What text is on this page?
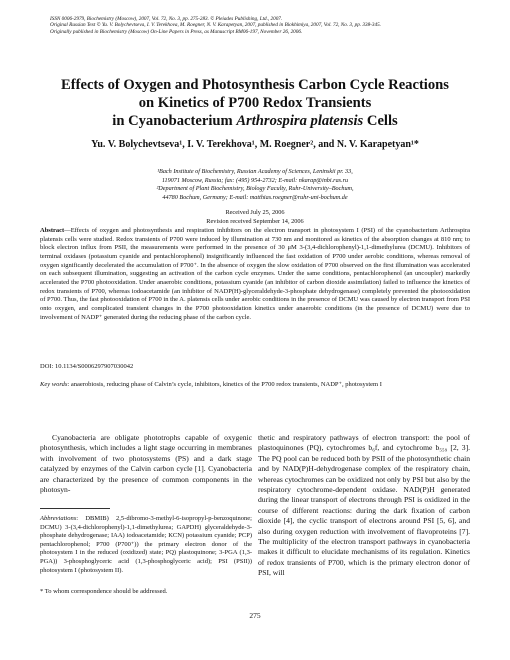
ISSN 0006-2979, Biochemistry (Moscow), 2007, Vol. 72, No. 3, pp. 275-283. © Pleiades Publishing, Ltd., 2007.
Original Russian Text © Yu. V. Bolychevtseva, I. V. Terekhova, M. Roegner, N. V. Karapetyan, 2007, published in Biokhimiya, 2007, Vol. 72, No. 3, pp. 338-345.
Originally published in Biochemistry (Moscow) On-Line Papers in Press, as Manuscript BM06-197, November 26, 2006.
Effects of Oxygen and Photosynthesis Carbon Cycle Reactions
on Kinetics of P700 Redox Transients
in Cyanobacterium Arthrospira platensis Cells
Yu. V. Bolychevtseva¹, I. V. Terekhova¹, M. Roegner², and N. V. Karapetyan¹*
¹Bach Institute of Biochemistry, Russian Academy of Sciences, Leninskii pr. 33,
119071 Moscow, Russia; fax: (495) 954-2732; E-mail: nkarap@inbi.ras.ru
²Department of Plant Biochemistry, Biology Faculty, Ruhr-University–Bochum,
44780 Bochum, Germany; E-mail: matthias.roegner@ruhr-uni-bochum.de
Received July 25, 2006
Revision received September 14, 2006
Abstract—Effects of oxygen and photosynthesis and respiration inhibitors on the electron transport in photosystem I (PSI) of the cyanobacterium Arthrospira platensis cells were studied. Redox transients of P700 were induced by illumination at 730 nm and monitored as kinetics of the absorption changes at 810 nm; to block electron influx from PSII, the measurements were performed in the presence of 30 μM 3-(3,4-dichlorophenyl)-1,1-dimethylurea (DCMU). Inhibitors of terminal oxidases (potassium cyanide and pentachlorophenol) insignificantly influenced the fast oxidation of P700 under aerobic conditions, whereas removal of oxygen significantly decelerated the accumulation of P700⁺. In the absence of oxygen the slow oxidation of P700 observed on the first illumination was accelerated on each subsequent illumination, suggesting an activation of the carbon cycle enzymes. Under the same conditions, pentachlorophenol (an uncoupler) markedly accelerated the P700 photooxidation. Under anaerobic conditions, potassium cyanide (an inhibitor of carbon dioxide assimilation) failed to influence the kinetics of redox transients of P700, whereas iodoacetamide (an inhibitor of NADP(H)-glyceraldehyde-3-phosphate dehydrogenase) completely prevented the photooxidation of P700. Thus, the fast photooxidation of P700 in the A. platensis cells under aerobic conditions in the presence of DCMU was caused by electron transport from PSI onto oxygen, and complicated transient changes in the P700 photooxidation kinetics under anaerobic conditions (in the presence of DCMU) were due to involvement of NADP⁺ generated during the reducing phase of the carbon cycle.
DOI: 10.1134/S0006297907030042
Key words: anaerobiosis, reducing phase of Calvin’s cycle, inhibitors, kinetics of the P700 redox transients, NADP⁺, photosystem I

Cyanobacteria are obligate phototrophs capable of oxygenic photosynthesis, which includes a light stage occurring in membranes with involvement of two photosystems (PS) and a dark stage catalyzed by enzymes of the Calvin carbon cycle [1]. Cyanobacteria are characterized by the presence of common components in the photosyn-

thetic and respiratory pathways of electron transport: the pool of plastoquinones (PQ), cytochromes b₆f, and cytochrome b₅₅₉ [2, 3]. The PQ pool can be reduced both by PSII of the photosynthetic chain and by NAD(P)H-dehydrogenase complex of the respiratory chain, whereas cytochromes can be oxidized not only by PSI but also by the respiratory cytochrome-dependent oxidase. NAD(P)H generated during the linear transport of electrons through PSI is oxidized in the course of different reactions: during the dark fixation of carbon dioxide [4], the cyclic transport of electrons around PSI [5, 6], and also during oxygen reduction with involvement of flavoproteins [7]. The multiplicity of the electron transport pathways in cyanobacteria makes it difficult to elucidate mechanisms of its regulation. Kinetics of redox transients of P700, which is the primary electron donor of PSI, will

Abbreviations: DBMIB) 2,5-dibromo-3-methyl-6-isopropyl-p-benzoquinone; DCMU) 3-(3,4-dichlorophenyl)-1,1-dimethylurea; GAPDH) glyceraldehyde-3-phosphate dehydrogenase; IAA) iodoacetamide; KCN) potassium cyanide; PCP) pentachlorophenol; P700 (P700⁺)) the primary electron donor of the photosystem I in the reduced (oxidized) state; PQ) plastoquinone; 3-PGA (1,3-PGA)) 3-phosphoglyceric acid (1,3-phosphoglyceric acid); PSI (PSII)) photosystem I (photosystem II).
* To whom correspondence should be addressed.
275
